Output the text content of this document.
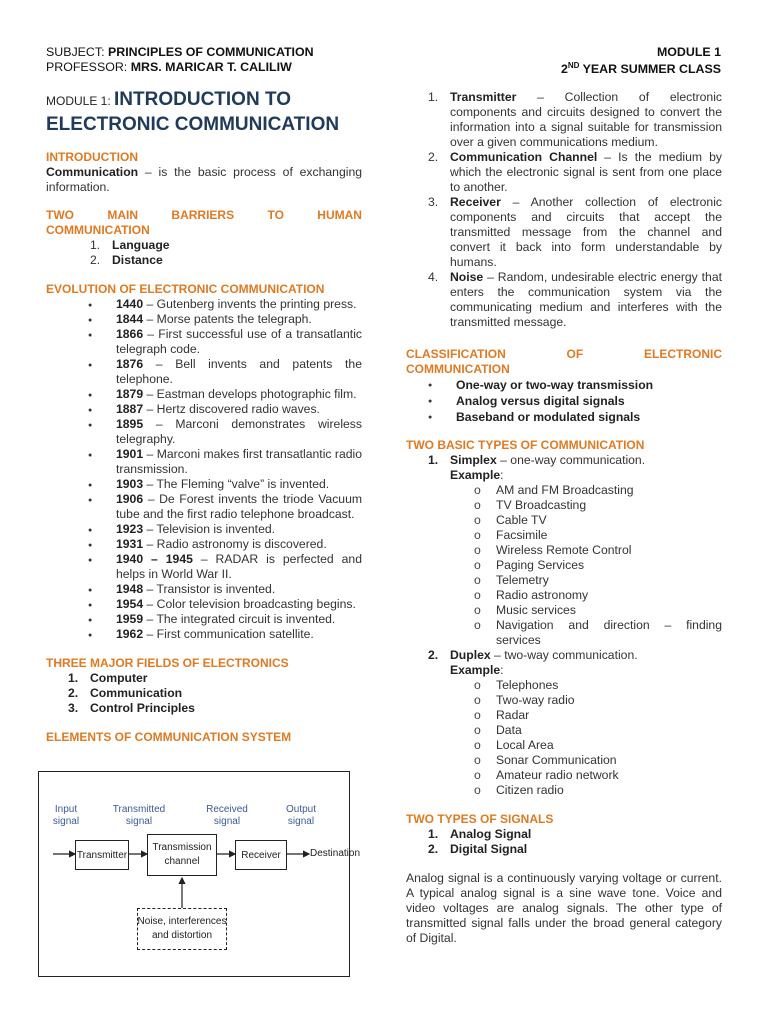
SUBJECT: PRINCIPLES OF COMMUNICATION
PROFESSOR: MRS. MARICAR T. CALILIW
MODULE 1
2ND YEAR SUMMER CLASS
MODULE 1: INTRODUCTION TO
ELECTRONIC COMMUNICATION
INTRODUCTION
Communication – is the basic process of exchanging information.
TWO	MAIN	BARRIERS	TO	HUMAN
COMMUNICATION
1. Language
2. Distance
EVOLUTION OF ELECTRONIC COMMUNICATION
● 1440 – Gutenberg invents the printing press.
● 1844 – Morse patents the telegraph.
● 1866 – First successful use of a transatlantic telegraph code.
● 1876 – Bell invents and patents the telephone.
● 1879 – Eastman develops photographic film.
● 1887 – Hertz discovered radio waves.
● 1895 – Marconi demonstrates wireless telegraphy.
● 1901 – Marconi makes first transatlantic radio transmission.
● 1903 – The Fleming “valve” is invented.
● 1906 – De Forest invents the triode Vacuum tube and the first radio telephone broadcast.
● 1923 – Television is invented.
● 1931 – Radio astronomy is discovered.
● 1940 – 1945 – RADAR is perfected and helps in World War II.
● 1948 – Transistor is invented.
● 1954 – Color television broadcasting begins.
● 1959 – The integrated circuit is invented.
● 1962 – First communication satellite.
THREE MAJOR FIELDS OF ELECTRONICS
1. Computer
2. Communication
3. Control Principles
ELEMENTS OF COMMUNICATION SYSTEM
Input
signal
Transmitted
signal
Received
signal
Output
signal
Transmitter
Transmission
channel
Receiver	Destination
Noise, interferences
and distortion
1. Transmitter – Collection of electronic components and circuits designed to convert the information into a signal suitable for transmission over a given communications medium.
2. Communication Channel – Is the medium by which the electronic signal is sent from one place to another.
3. Receiver – Another collection of electronic components and circuits that accept the transmitted message from the channel and convert it back into form understandable by humans.
4. Noise – Random, undesirable electric energy that enters the communication system via the communicating medium and interferes with the transmitted message.
CLASSIFICATION	OF	ELECTRONIC
COMMUNICATION
● One-way or two-way transmission
● Analog versus digital signals
● Baseband or modulated signals
TWO BASIC TYPES OF COMMUNICATION
1. Simplex – one-way communication.
Example:
o AM and FM Broadcasting
o TV Broadcasting
o Cable TV
o Facsimile
o Wireless Remote Control
o Paging Services
o Telemetry
o Radio astronomy
o Music services
o Navigation and direction – finding services
2. Duplex – two-way communication.
Example:
o Telephones
o Two-way radio
o Radar
o Data
o Local Area
o Sonar Communication
o Amateur radio network
o Citizen radio
TWO TYPES OF SIGNALS
1. Analog Signal
2. Digital Signal
Analog signal is a continuously varying voltage or current. A typical analog signal is a sine wave tone. Voice and video voltages are analog signals. The other type of transmitted signal falls under the broad general category of Digital.
